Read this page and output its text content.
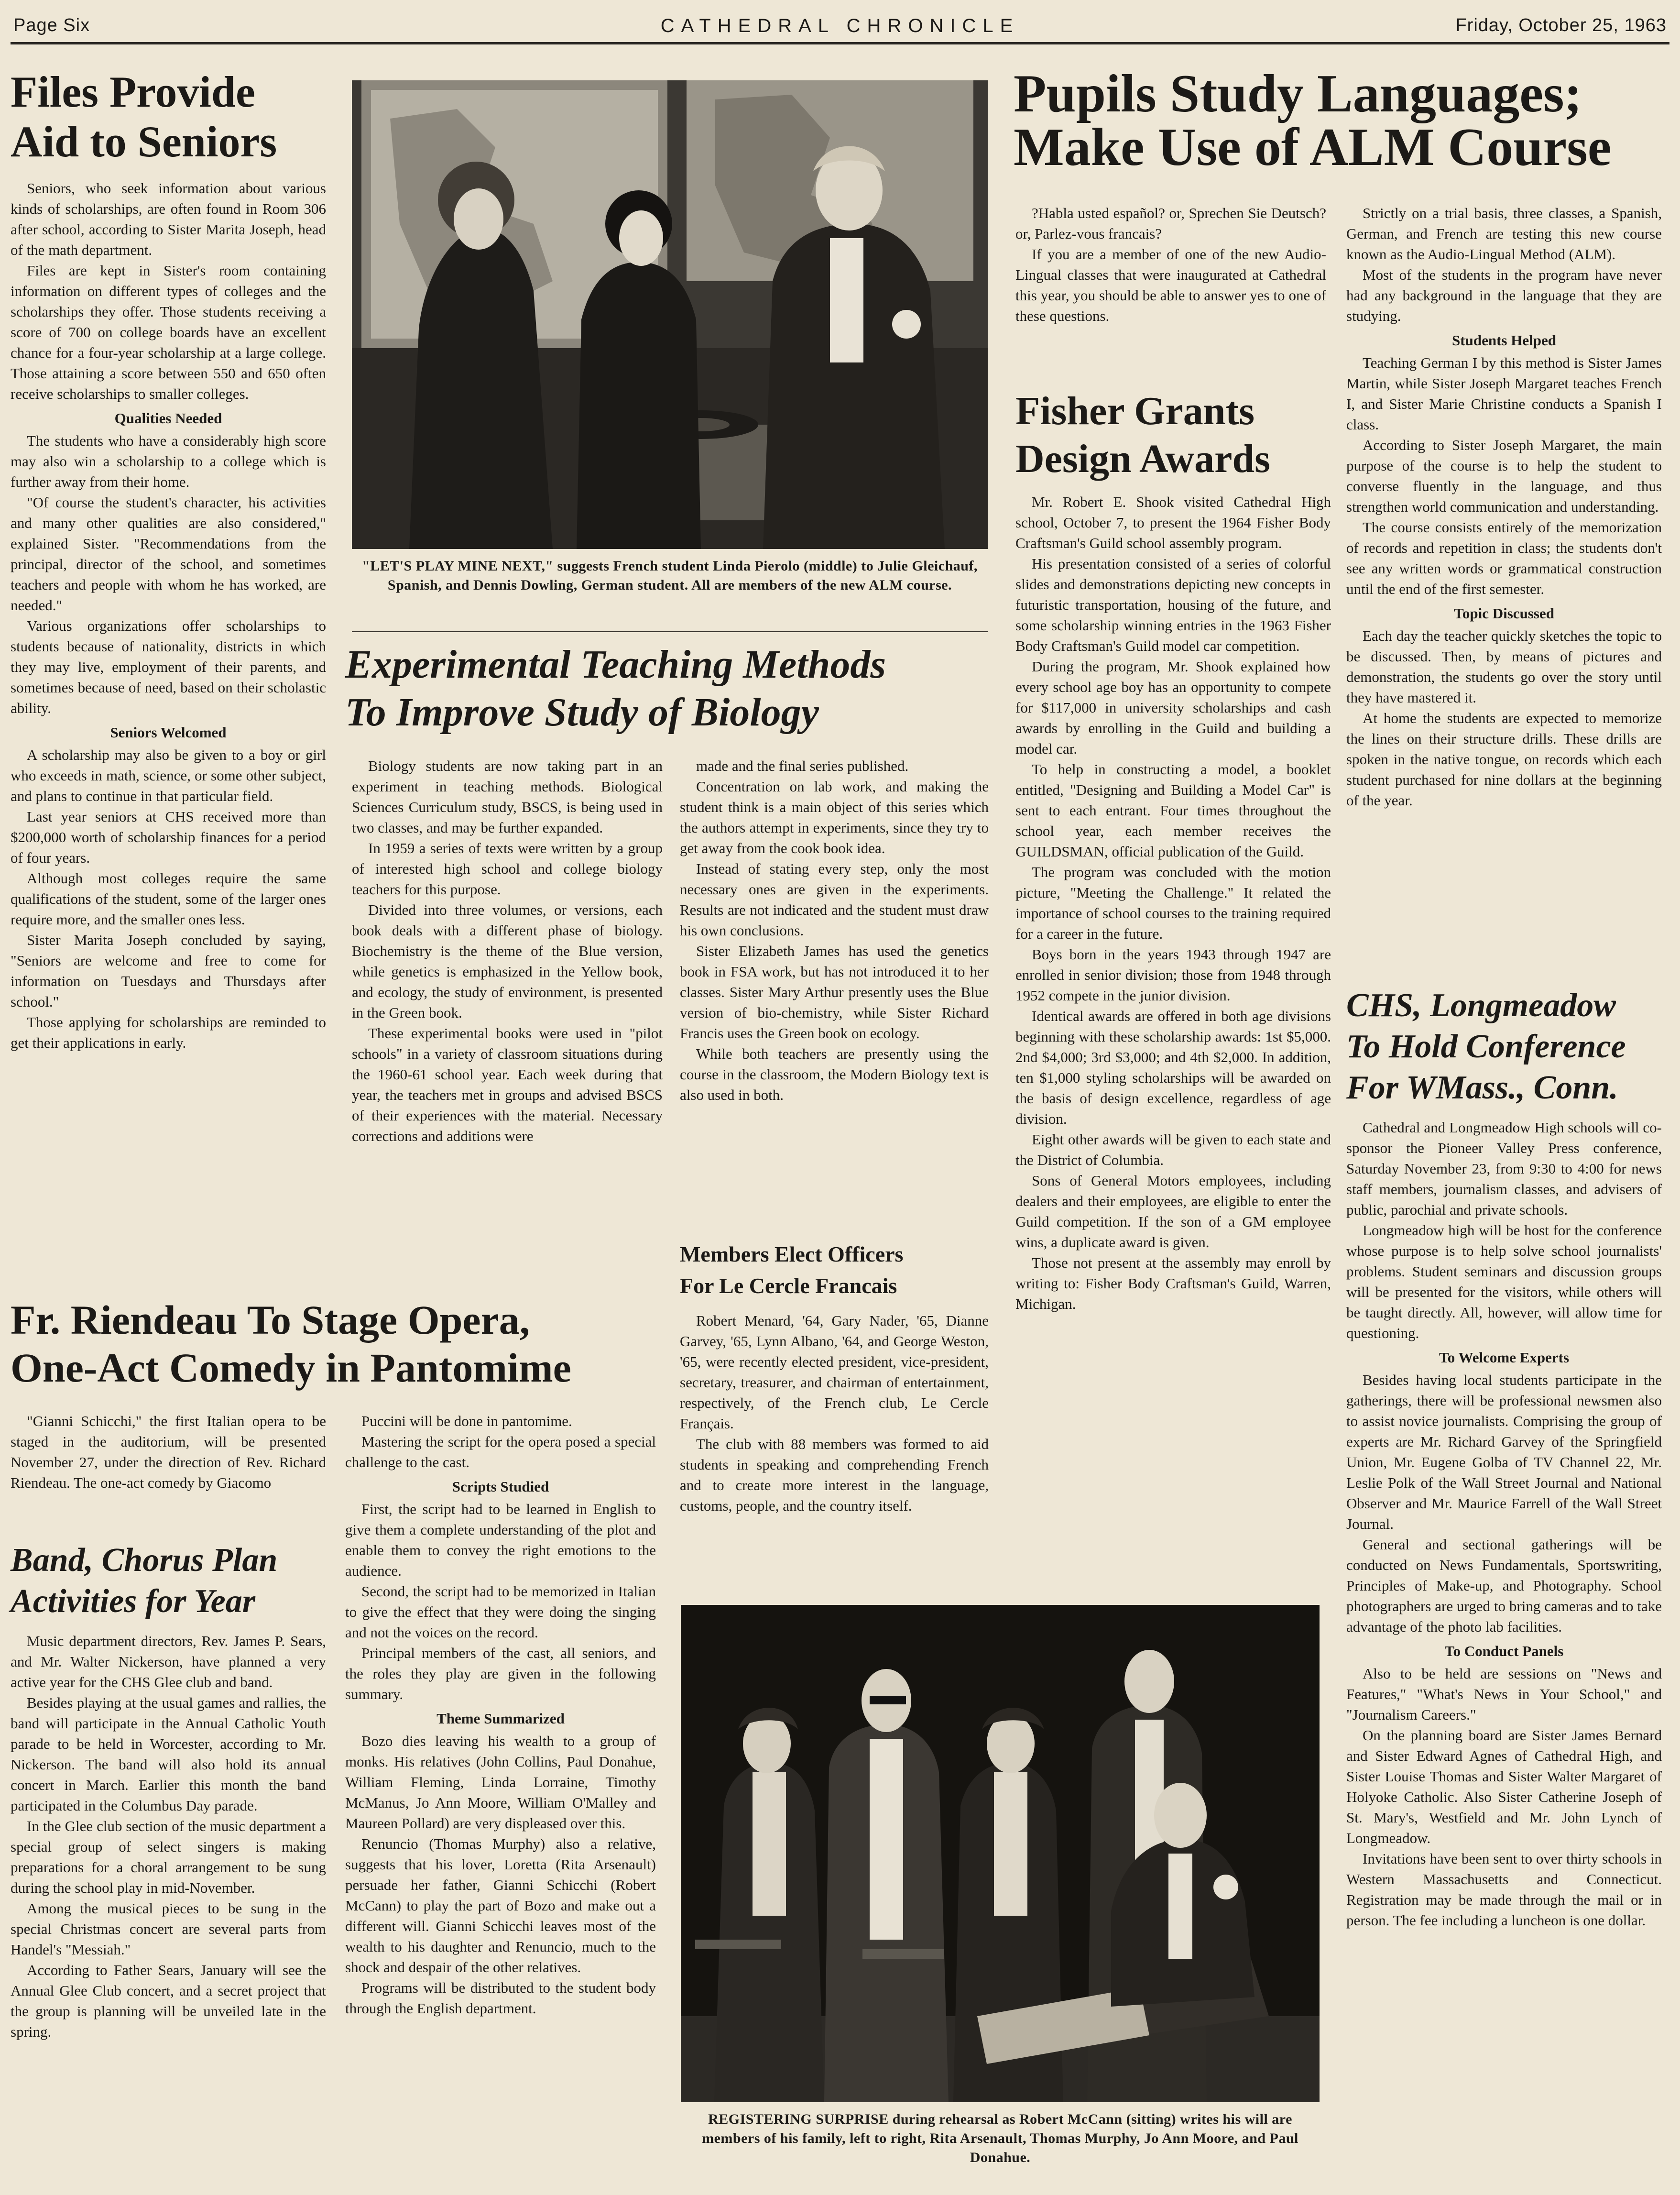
Page Six	CATHEDRAL CHRONICLE	Friday, October 25, 1963
Files Provide
Aid to Seniors

Seniors, who seek information about various kinds of scholarships, are often found in Room 306 after school, according to Sister Marita Joseph, head of the math department.

Files are kept in Sister's room containing information on different types of colleges and the scholarships they offer. Those students receiving a score of 700 on college boards have an excellent chance for a four-year scholarship at a large college. Those attaining a score between 550 and 650 often receive scholarships to smaller colleges.

Qualities Needed

The students who have a considerably high score may also win a scholarship to a college which is further away from their home.

"Of course the student's character, his activities and many other qualities are also considered," explained Sister. "Recommendations from the principal, director of the school, and sometimes teachers and people with whom he has worked, are needed."

Various organizations offer scholarships to students because of nationality, districts in which they may live, employment of their parents, and sometimes because of need, based on their scholastic ability.

Seniors Welcomed

A scholarship may also be given to a boy or girl who exceeds in math, science, or some other subject, and plans to continue in that particular field.

Last year seniors at CHS received more than $200,000 worth of scholarship finances for a period of four years.

Although most colleges require the same qualifications of the student, some of the larger ones require more, and the smaller ones less.

Sister Marita Joseph concluded by saying, "Seniors are welcome and free to come for information on Tuesdays and Thursdays after school."

Those applying for scholarships are reminded to get their applications in early.

"LET'S PLAY MINE NEXT," suggests French student Linda Pierolo (middle) to Julie Gleichauf, Spanish, and Dennis Dowling, German student. All are members of the new ALM course.
Experimental Teaching Methods
To Improve Study of Biology

Biology students are now taking part in an experiment in teaching methods. Biological Sciences Curriculum study, BSCS, is being used in two classes, and may be further expanded.

In 1959 a series of texts were written by a group of interested high school and college biology teachers for this purpose.

Divided into three volumes, or versions, each book deals with a different phase of biology. Biochemistry is the theme of the Blue version, while genetics is emphasized in the Yellow book, and ecology, the study of environment, is presented in the Green book.

These experimental books were used in "pilot schools" in a variety of classroom situations during the 1960-61 school year. Each week during that year, the teachers met in groups and advised BSCS of their experiences with the material. Necessary corrections and additions were

made and the final series published.

Concentration on lab work, and making the student think is a main object of this series which the authors attempt in experiments, since they try to get away from the cook book idea.

Instead of stating every step, only the most necessary ones are given in the experiments. Results are not indicated and the student must draw his own conclusions.

Sister Elizabeth James has used the genetics book in FSA work, but has not introduced it to her classes. Sister Mary Arthur presently uses the Blue version of bio-chemistry, while Sister Richard Francis uses the Green book on ecology.

While both teachers are presently using the course in the classroom, the Modern Biology text is also used in both.

Members Elect Officers
For Le Cercle Francais

Robert Menard, '64, Gary Nader, '65, Dianne Garvey, '65, Lynn Albano, '64, and George Weston, '65, were recently elected president, vice-president, secretary, treasurer, and chairman of entertainment, respectively, of the French club, Le Cercle Français.

The club with 88 members was formed to aid students in speaking and comprehending French and to create more interest in the language, customs, people, and the country itself.

Pupils Study Languages;
Make Use of ALM Course

?Habla usted español? or, Sprechen Sie Deutsch? or, Parlez-vous francais?

If you are a member of one of the new Audio-Lingual classes that were inaugurated at Cathedral this year, you should be able to answer yes to one of these questions.

Strictly on a trial basis, three classes, a Spanish, German, and French are testing this new course known as the Audio-Lingual Method (ALM).

Most of the students in the program have never had any background in the language that they are studying.

Students Helped

Teaching German I by this method is Sister James Martin, while Sister Joseph Margaret teaches French I, and Sister Marie Christine conducts a Spanish I class.

According to Sister Joseph Margaret, the main purpose of the course is to help the student to converse fluently in the language, and thus strengthen world communication and understanding.

The course consists entirely of the memorization of records and repetition in class; the students don't see any written words or grammatical construction until the end of the first semester.

Topic Discussed

Each day the teacher quickly sketches the topic to be discussed. Then, by means of pictures and demonstration, the students go over the story until they have mastered it.

At home the students are expected to memorize the lines on their structure drills. These drills are spoken in the native tongue, on records which each student purchased for nine dollars at the beginning of the year.

Fisher Grants
Design Awards

Mr. Robert E. Shook visited Cathedral High school, October 7, to present the 1964 Fisher Body Craftsman's Guild school assembly program.

His presentation consisted of a series of colorful slides and demonstrations depicting new concepts in futuristic transportation, housing of the future, and some scholarship winning entries in the 1963 Fisher Body Craftsman's Guild model car competition.

During the program, Mr. Shook explained how every school age boy has an opportunity to compete for $117,000 in university scholarships and cash awards by enrolling in the Guild and building a model car.

To help in constructing a model, a booklet entitled, "Designing and Building a Model Car" is sent to each entrant. Four times throughout the school year, each member receives the GUILDSMAN, official publication of the Guild.

The program was concluded with the motion picture, "Meeting the Challenge." It related the importance of school courses to the training required for a career in the future.

Boys born in the years 1943 through 1947 are enrolled in senior division; those from 1948 through 1952 compete in the junior division.

Identical awards are offered in both age divisions beginning with these scholarship awards: 1st $5,000. 2nd $4,000; 3rd $3,000; and 4th $2,000. In addition, ten $1,000 styling scholarships will be awarded on the basis of design excellence, regardless of age division.

Eight other awards will be given to each state and the District of Columbia.

Sons of General Motors employees, including dealers and their employees, are eligible to enter the Guild competition. If the son of a GM employee wins, a duplicate award is given.

Those not present at the assembly may enroll by writing to: Fisher Body Craftsman's Guild, Warren, Michigan.

CHS, Longmeadow
To Hold Conference
For WMass., Conn.

Cathedral and Longmeadow High schools will co-sponsor the Pioneer Valley Press conference, Saturday November 23, from 9:30 to 4:00 for news staff members, journalism classes, and advisers of public, parochial and private schools.

Longmeadow high will be host for the conference whose purpose is to help solve school journalists' problems. Student seminars and discussion groups will be presented for the visitors, while others will be taught directly. All, however, will allow time for questioning.

To Welcome Experts

Besides having local students participate in the gatherings, there will be professional newsmen also to assist novice journalists. Comprising the group of experts are Mr. Richard Garvey of the Springfield Union, Mr. Eugene Golba of TV Channel 22, Mr. Leslie Polk of the Wall Street Journal and National Observer and Mr. Maurice Farrell of the Wall Street Journal.

General and sectional gatherings will be conducted on News Fundamentals, Sportswriting, Principles of Make-up, and Photography. School photographers are urged to bring cameras and to take advantage of the photo lab facilities.

To Conduct Panels

Also to be held are sessions on "News and Features," "What's News in Your School," and "Journalism Careers."

On the planning board are Sister James Bernard and Sister Edward Agnes of Cathedral High, and Sister Louise Thomas and Sister Walter Margaret of Holyoke Catholic. Also Sister Catherine Joseph of St. Mary's, Westfield and Mr. John Lynch of Longmeadow.

Invitations have been sent to over thirty schools in Western Massachusetts and Connecticut. Registration may be made through the mail or in person. The fee including a luncheon is one dollar.

Fr. Riendeau To Stage Opera,
One-Act Comedy in Pantomime

"Gianni Schicchi," the first Italian opera to be staged in the auditorium, will be presented November 27, under the direction of Rev. Richard Riendeau. The one-act comedy by Giacomo

Puccini will be done in pantomime.

Mastering the script for the opera posed a special challenge to the cast.

Scripts Studied

First, the script had to be learned in English to give them a complete understanding of the plot and enable them to convey the right emotions to the audience.

Second, the script had to be memorized in Italian to give the effect that they were doing the singing and not the voices on the record.

Principal members of the cast, all seniors, and the roles they play are given in the following summary.

Theme Summarized

Bozo dies leaving his wealth to a group of monks. His relatives (John Collins, Paul Donahue, William Fleming, Linda Lorraine, Timothy McManus, Jo Ann Moore, William O'Malley and Maureen Pollard) are very displeased over this.

Renuncio (Thomas Murphy) also a relative, suggests that his lover, Loretta (Rita Arsenault) persuade her father, Gianni Schicchi (Robert McCann) to play the part of Bozo and make out a different will. Gianni Schicchi leaves most of the wealth to his daughter and Renuncio, much to the shock and despair of the other relatives.

Programs will be distributed to the student body through the English department.

Band, Chorus Plan
Activities for Year

Music department directors, Rev. James P. Sears, and Mr. Walter Nickerson, have planned a very active year for the CHS Glee club and band.

Besides playing at the usual games and rallies, the band will participate in the Annual Catholic Youth parade to be held in Worcester, according to Mr. Nickerson. The band will also hold its annual concert in March. Earlier this month the band participated in the Columbus Day parade.

In the Glee club section of the music department a special group of select singers is making preparations for a choral arrangement to be sung during the school play in mid-November.

Among the musical pieces to be sung in the special Christmas concert are several parts from Handel's "Messiah."

According to Father Sears, January will see the Annual Glee Club concert, and a secret project that the group is planning will be unveiled late in the spring.

REGISTERING SURPRISE during rehearsal as Robert McCann (sitting) writes his will are members of his family, left to right, Rita Arsenault, Thomas Murphy, Jo Ann Moore, and Paul Donahue.
